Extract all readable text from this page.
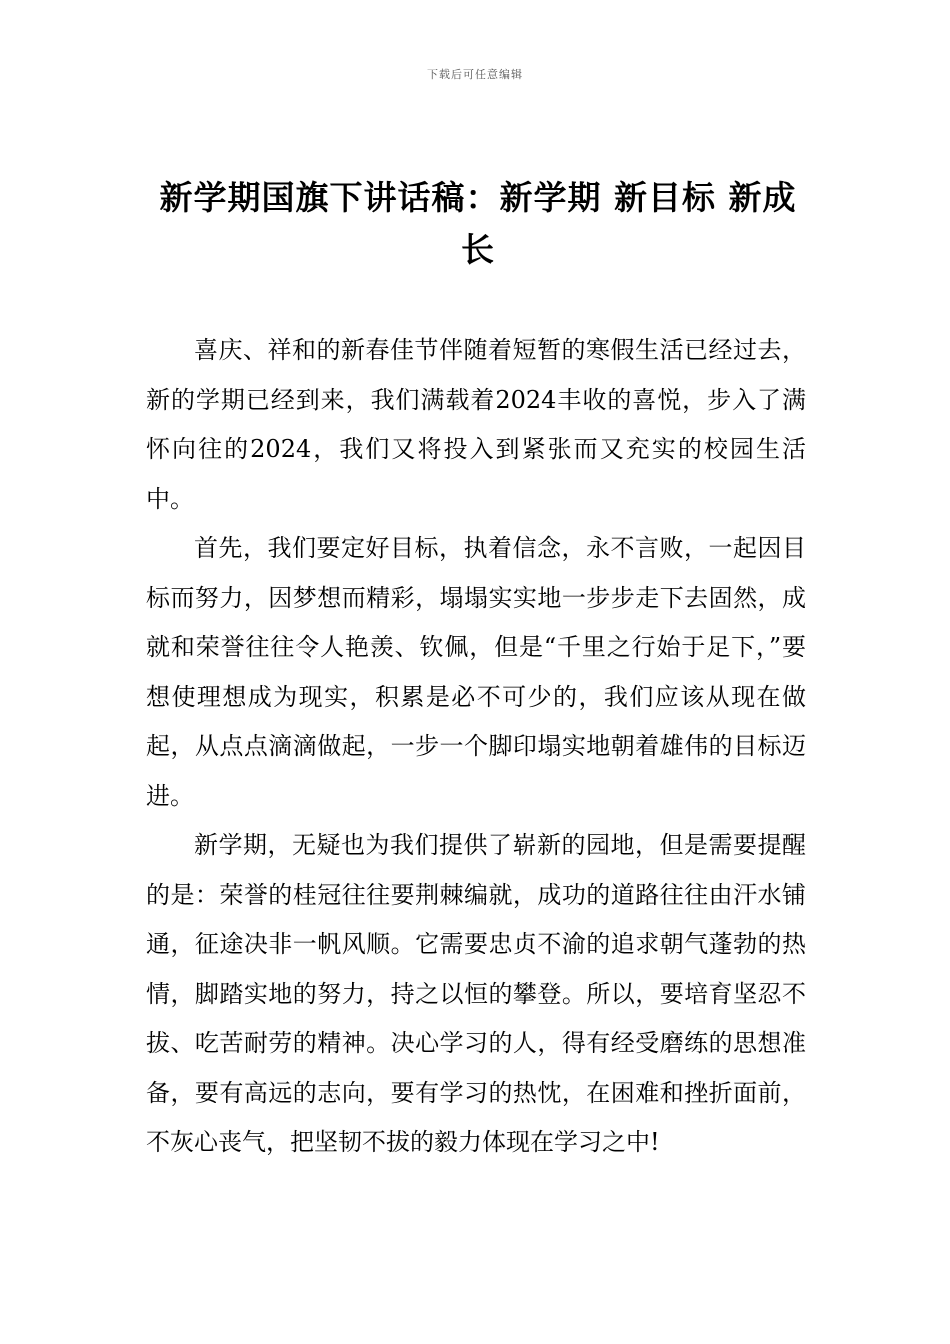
下载后可任意编辑
新学期国旗下讲话稿：新学期 新目标 新成长

喜庆、祥和的新春佳节伴随着短暂的寒假生活已经过去，新的学期已经到来，我们满载着2024丰收的喜悦，步入了满怀向往的2024，我们又将投入到紧张而又充实的校园生活中。

首先，我们要定好目标，执着信念，永不言败，一起因目标而努力，因梦想而精彩，塌塌实实地一步步走下去固然，成就和荣誉往往令人艳羡、钦佩，但是“千里之行始于足下，”要想使理想成为现实，积累是必不可少的，我们应该从现在做起，从点点滴滴做起，一步一个脚印塌实地朝着雄伟的目标迈进。

新学期，无疑也为我们提供了崭新的园地，但是需要提醒的是：荣誉的桂冠往往要荆棘编就，成功的道路往往由汗水铺通，征途决非一帆风顺。它需要忠贞不渝的追求朝气蓬勃的热情，脚踏实地的努力，持之以恒的攀登。所以，要培育坚忍不拔、吃苦耐劳的精神。决心学习的人，得有经受磨练的思想准备，要有高远的志向，要有学习的热忱，在困难和挫折面前，不灰心丧气，把坚韧不拔的毅力体现在学习之中!
